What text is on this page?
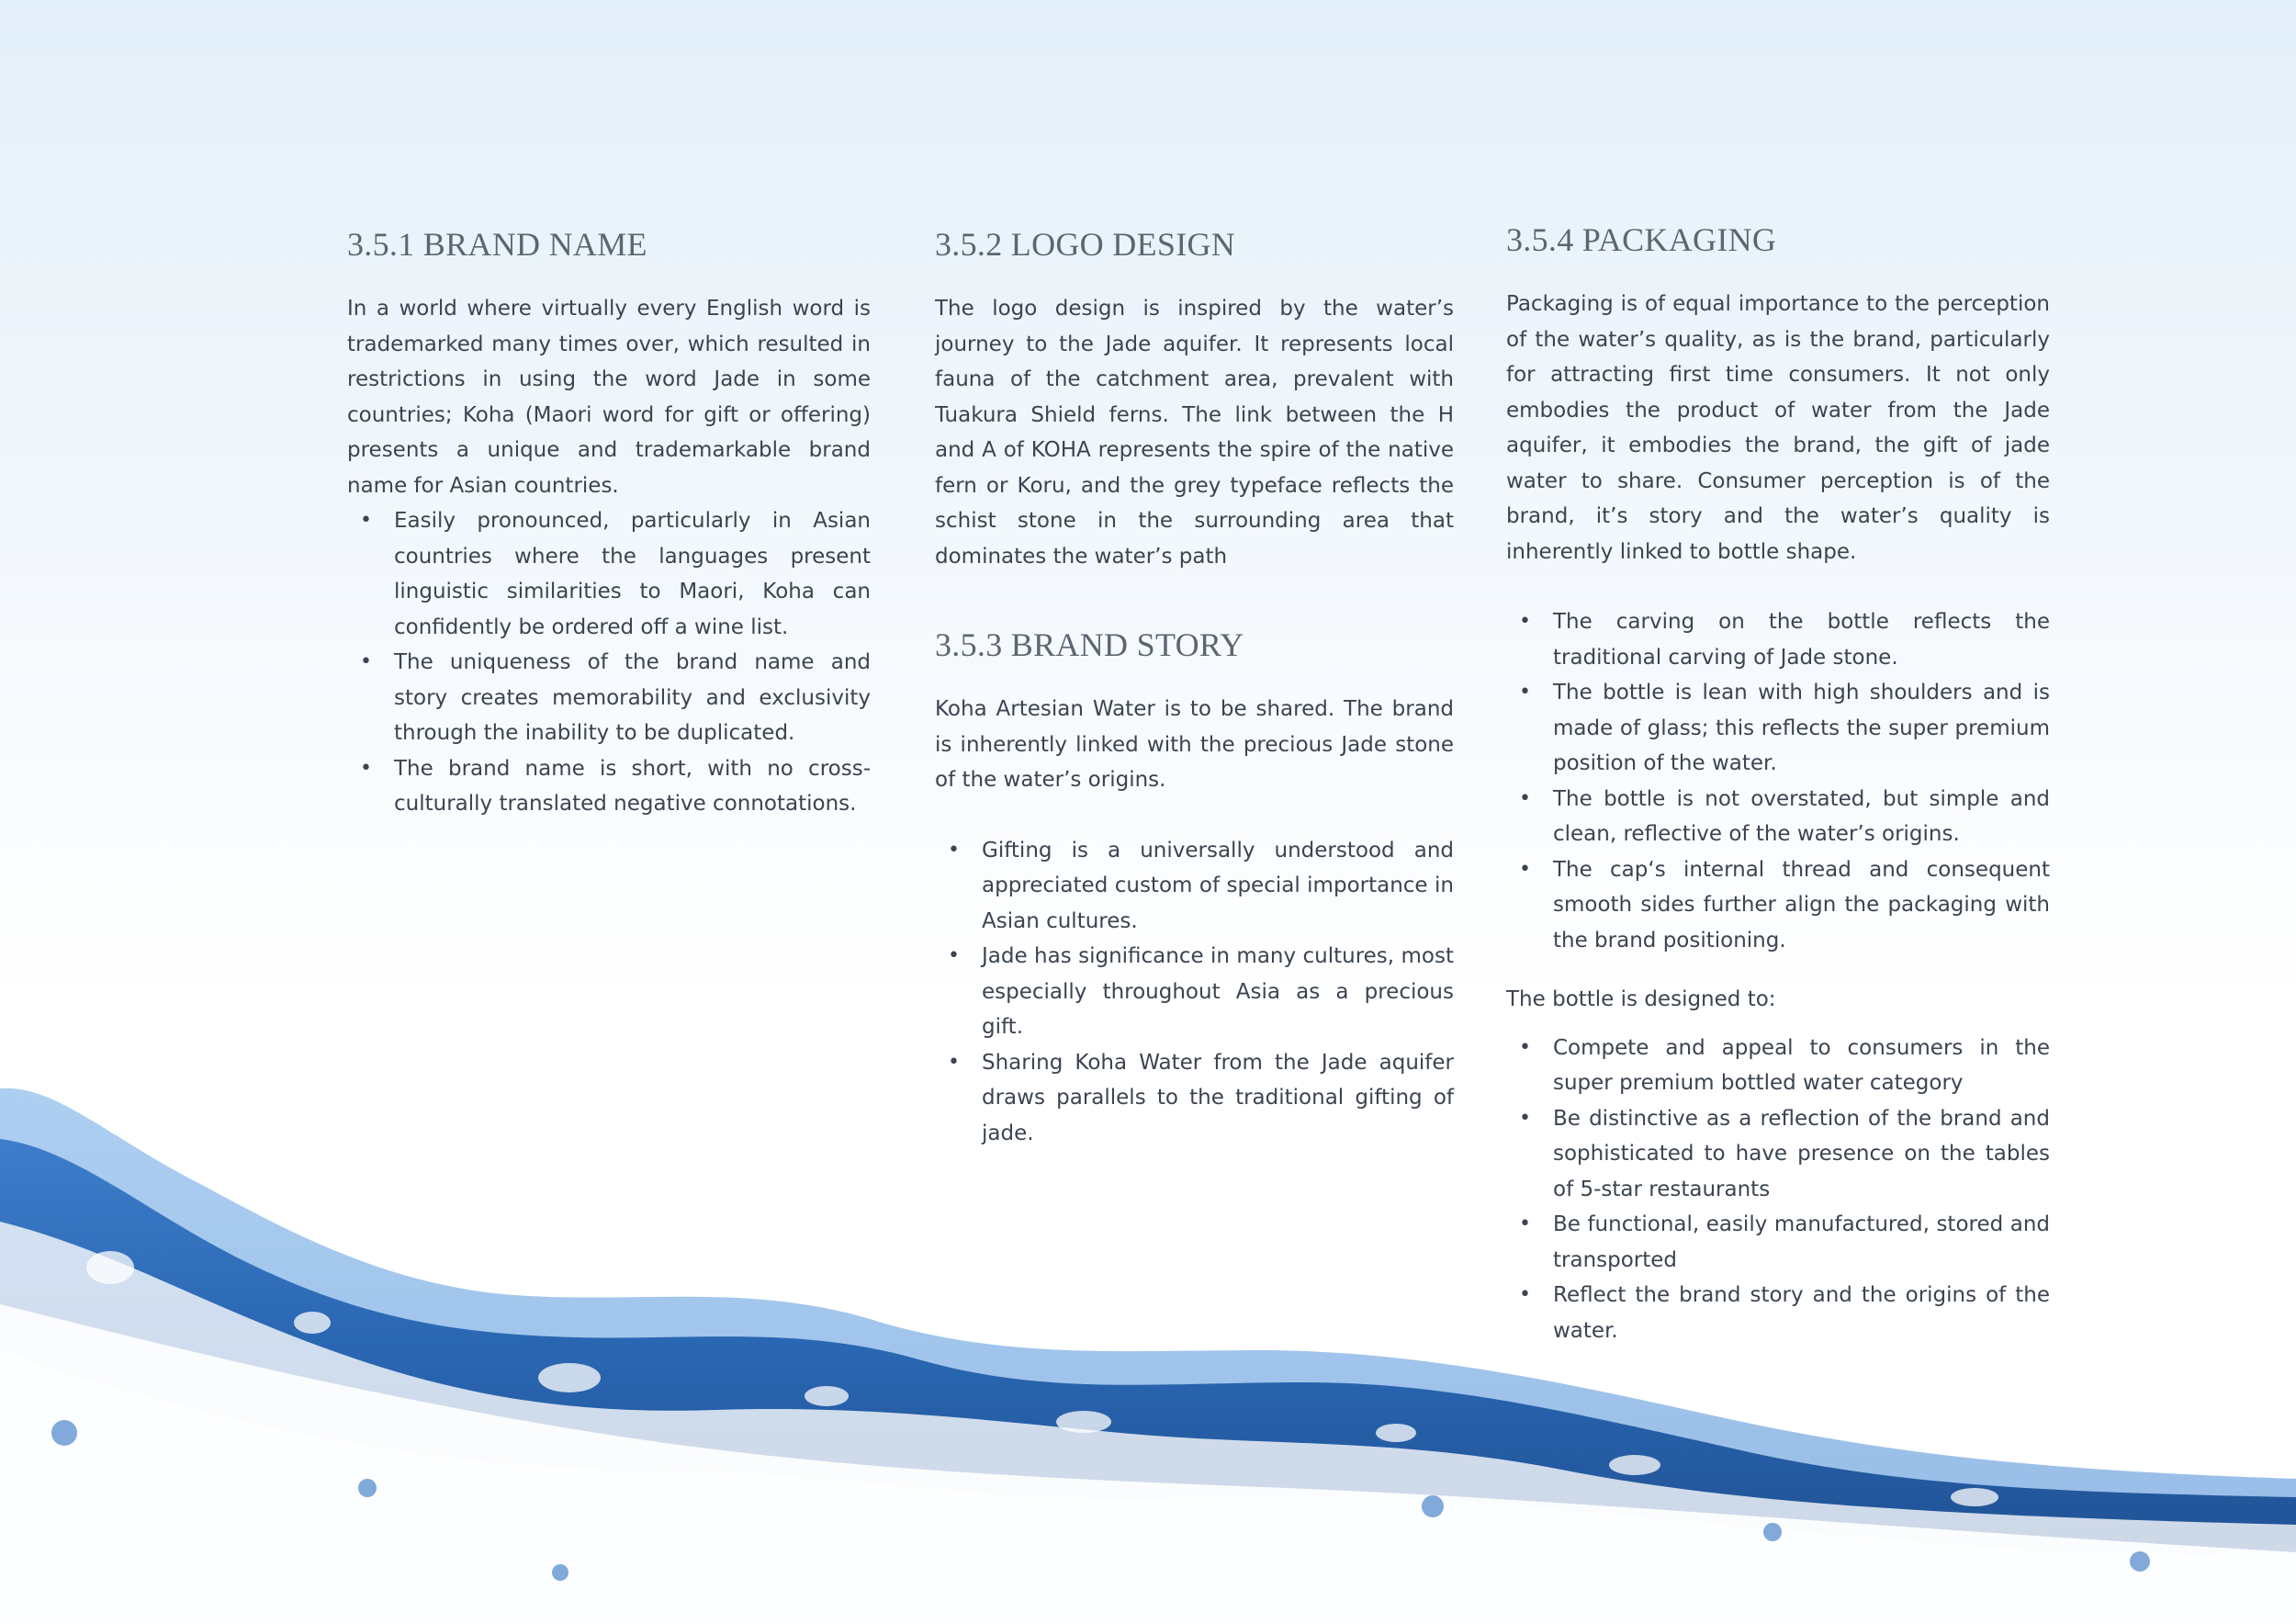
3.5.1 BRAND NAME

In a world where virtually every English word is trademarked many times over, which resulted in restrictions in using the word Jade in some countries; Koha (Maori word for gift or offering) presents a unique and trademarkable brand name for Asian countries.

• Easily pronounced, particularly in Asian countries where the languages present linguistic similarities to Maori, Koha can confidently be ordered off a wine list.
• The uniqueness of the brand name and story creates memorability and exclusivity through the inability to be duplicated.
• The brand name is short, with no cross-culturally translated negative connotations.
3.5.2 LOGO DESIGN

The logo design is inspired by the water’s journey to the Jade aquifer. It represents local fauna of the catchment area, prevalent with Tuakura Shield ferns. The link between the H and A of KOHA represents the spire of the native fern or Koru, and the grey typeface reflects the schist stone in the surrounding area that dominates the water’s path

3.5.3 BRAND STORY

Koha Artesian Water is to be shared. The brand is inherently linked with the precious Jade stone of the water’s origins.

• Gifting is a universally understood and appreciated custom of special importance in Asian cultures.
• Jade has significance in many cultures, most especially throughout Asia as a precious gift.
• Sharing Koha Water from the Jade aquifer draws parallels to the traditional gifting of jade.
3.5.4 PACKAGING

Packaging is of equal importance to the perception of the water’s quality, as is the brand, particularly for attracting first time consumers. It not only embodies the product of water from the Jade aquifer, it embodies the brand, the gift of jade water to share. Consumer perception is of the brand, it’s story and the water’s quality is inherently linked to bottle shape.

• The carving on the bottle reflects the traditional carving of Jade stone.
• The bottle is lean with high shoulders and is made of glass; this reflects the super premium position of the water.
• The bottle is not overstated, but simple and clean, reflective of the water’s origins.
• The cap‘s internal thread and consequent smooth sides further align the packaging with the brand positioning.

The bottle is designed to:

• Compete and appeal to consumers in the super premium bottled water category
• Be distinctive as a reflection of the brand and sophisticated to have presence on the tables of 5-star restaurants
• Be functional, easily manufactured, stored and transported
• Reflect the brand story and the origins of the water.
